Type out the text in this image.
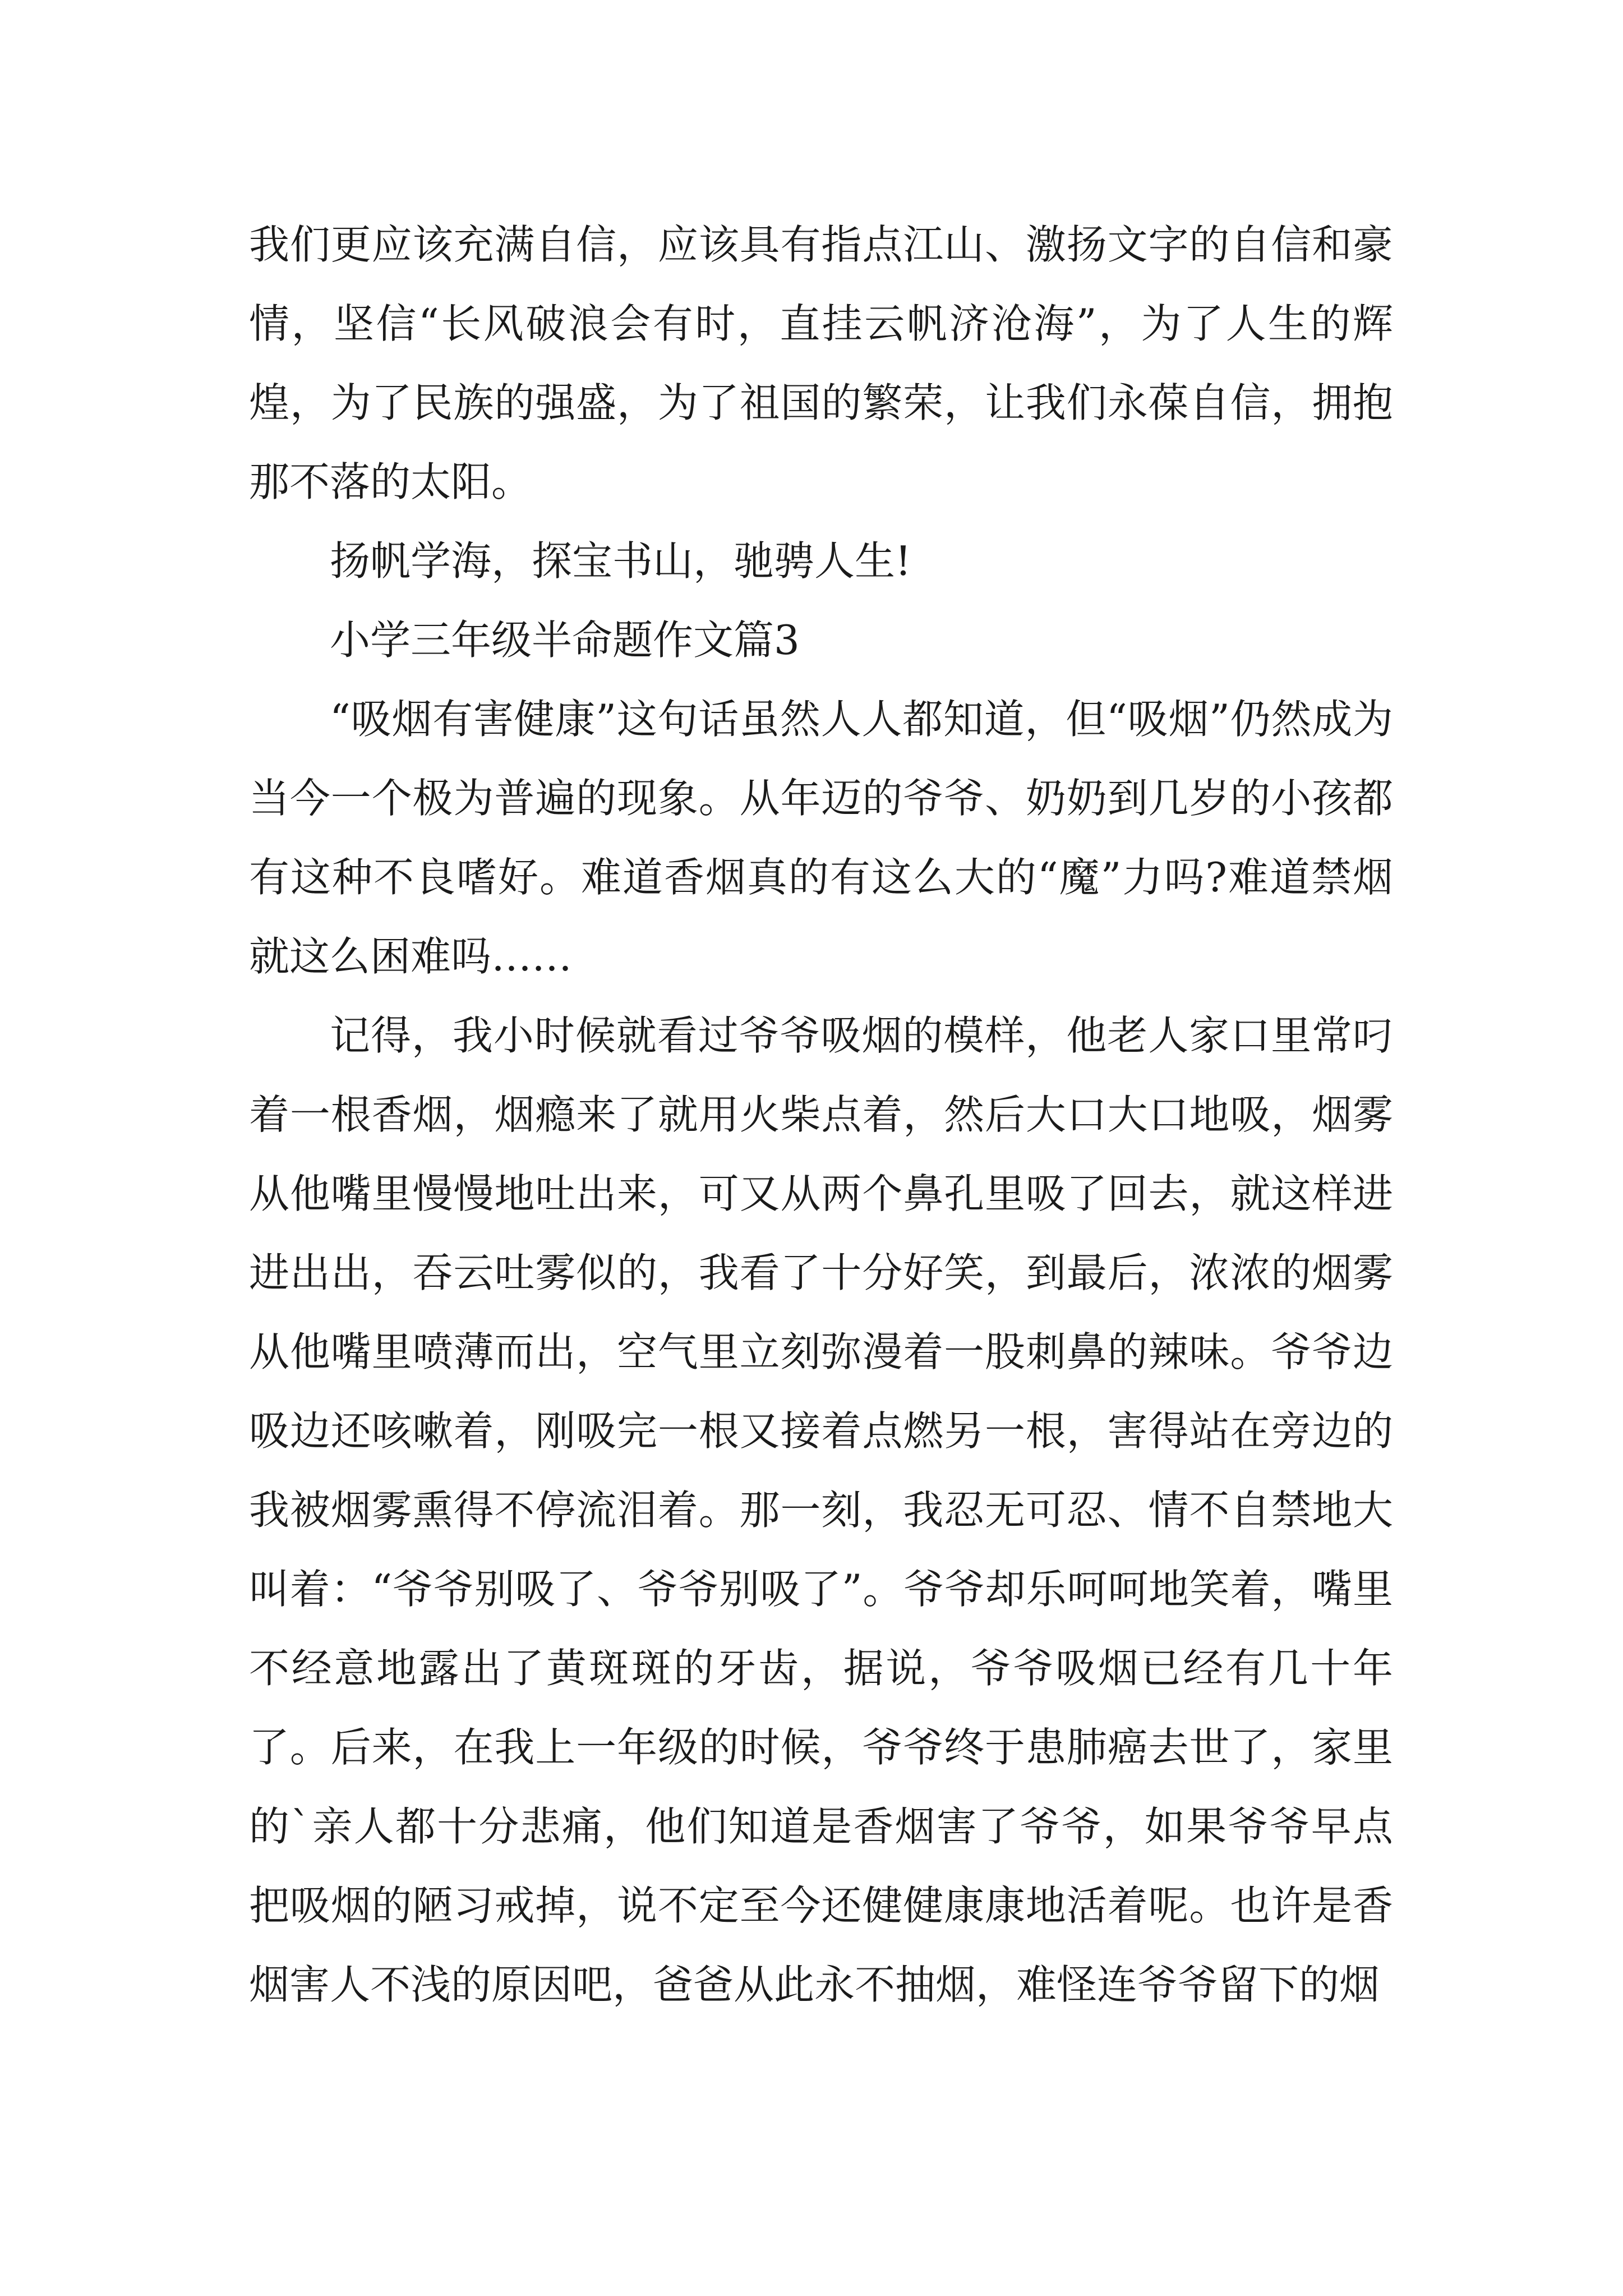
我们更应该充满自信，应该具有指点江山、激扬文字的自信和豪情，坚信“长风破浪会有时，直挂云帆济沧海”，为了人生的辉煌，为了民族的强盛，为了祖国的繁荣，让我们永葆自信，拥抱那不落的太阳。

扬帆学海，探宝书山，驰骋人生!

小学三年级半命题作文篇3

“吸烟有害健康”这句话虽然人人都知道，但“吸烟”仍然成为当今一个极为普遍的现象。从年迈的爷爷、奶奶到几岁的小孩都有这种不良嗜好。难道香烟真的有这么大的“魔”力吗?难道禁烟就这么困难吗……

记得，我小时候就看过爷爷吸烟的模样，他老人家口里常叼着一根香烟，烟瘾来了就用火柴点着，然后大口大口地吸，烟雾从他嘴里慢慢地吐出来，可又从两个鼻孔里吸了回去，就这样进进出出，吞云吐雾似的，我看了十分好笑，到最后，浓浓的烟雾从他嘴里喷薄而出，空气里立刻弥漫着一股刺鼻的辣味。爷爷边吸边还咳嗽着，刚吸完一根又接着点燃另一根，害得站在旁边的我被烟雾熏得不停流泪着。那一刻，我忍无可忍、情不自禁地大叫着：“爷爷别吸了、爷爷别吸了”。爷爷却乐呵呵地笑着，嘴里不经意地露出了黄斑斑的牙齿，据说，爷爷吸烟已经有几十年了。后来，在我上一年级的时候，爷爷终于患肺癌去世了，家里的`亲人都十分悲痛，他们知道是香烟害了爷爷，如果爷爷早点把吸烟的陋习戒掉，说不定至今还健健康康地活着呢。也许是香烟害人不浅的原因吧，爸爸从此永不抽烟，难怪连爷爷留下的烟
